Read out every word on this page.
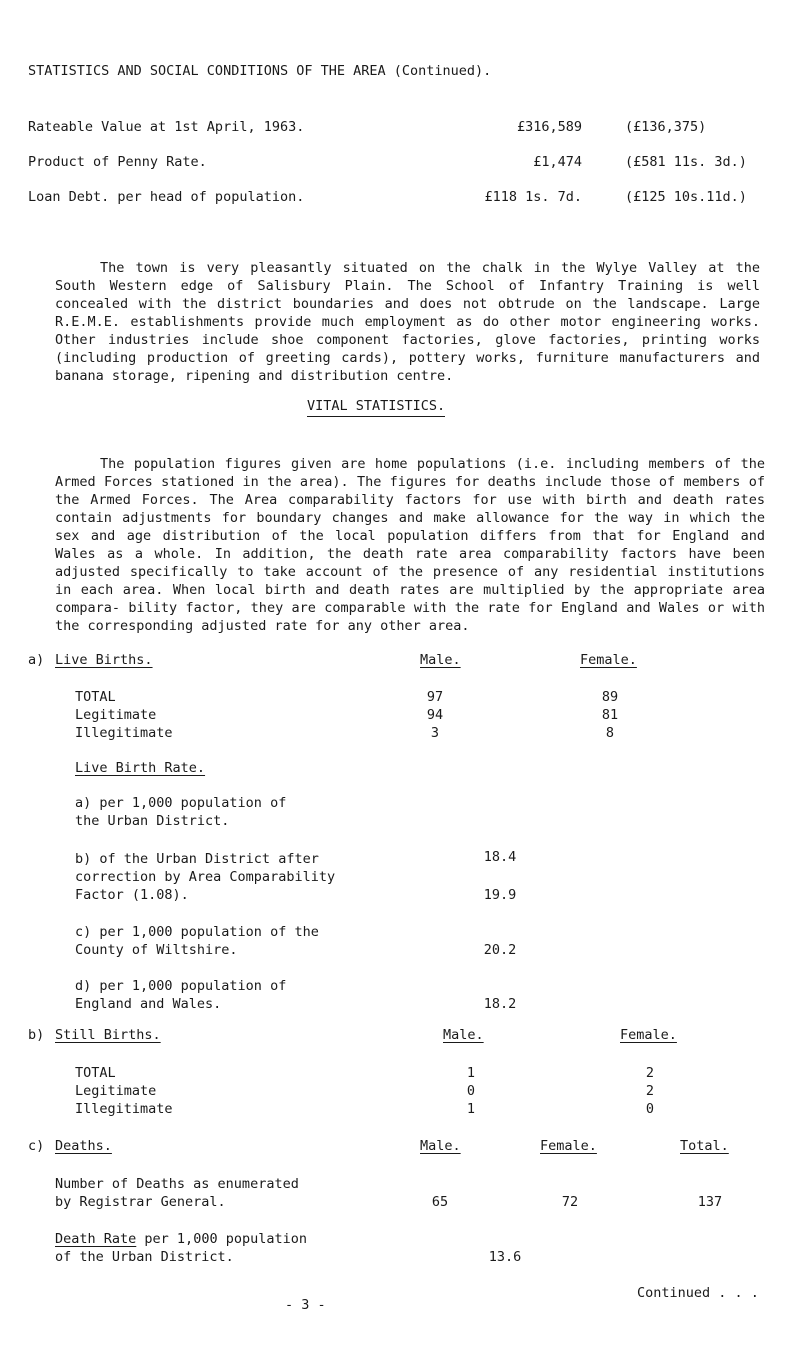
STATISTICS AND SOCIAL CONDITIONS OF THE AREA (Continued).
Rateable Value at 1st April, 1963.	£316,589	(£136,375)
Product of Penny Rate.	£1,474	(£581 11s. 3d.)
Loan Debt. per head of population.	£118 1s. 7d.	(£125 10s.11d.)
The town is very pleasantly situated on the chalk in the Wylye Valley at the South Western edge of Salisbury Plain. The School of Infantry Training is well concealed with the district boundaries and does not obtrude on the landscape. Large R.E.M.E. establishments provide much employment as do other motor engineering works. Other industries include shoe component factories, glove factories, printing works (including production of greeting cards), pottery works, furniture manufacturers and banana storage, ripening and distribution centre.
VITAL STATISTICS.
The population figures given are home populations (i.e. including members of the Armed Forces stationed in the area). The figures for deaths include those of members of the Armed Forces. The Area comparability factors for use with birth and death rates contain adjustments for boundary changes and make allowance for the way in which the sex and age distribution of the local population differs from that for England and Wales as a whole. In addition, the death rate area comparability factors have been adjusted specifically to take account of the presence of any residential institutions in each area. When local birth and death rates are multiplied by the appropriate area compara- bility factor, they are comparable with the rate for England and Wales or with the corresponding adjusted rate for any other area.
a) Live Births.	Male.	Female.
TOTAL	97	89
Legitimate	94	81
Illegitimate	3	8
Live Birth Rate.
a) per 1,000 population of
the Urban District.
18.4
b) of the Urban District after
correction by Area Comparability
Factor (1.08).	19.9
c) per 1,000 population of the
County of Wiltshire.	20.2
d) per 1,000 population of
England and Wales.	18.2
b) Still Births.	Male.	Female.
TOTAL	1	2
Legitimate	0	2
Illegitimate	1	0
c) Deaths.	Male.	Female.	Total.
Number of Deaths as enumerated
by Registrar General.	65	72	137
Death Rate per 1,000 population
of the Urban District.	13.6
- 3 -
Continued . . .
